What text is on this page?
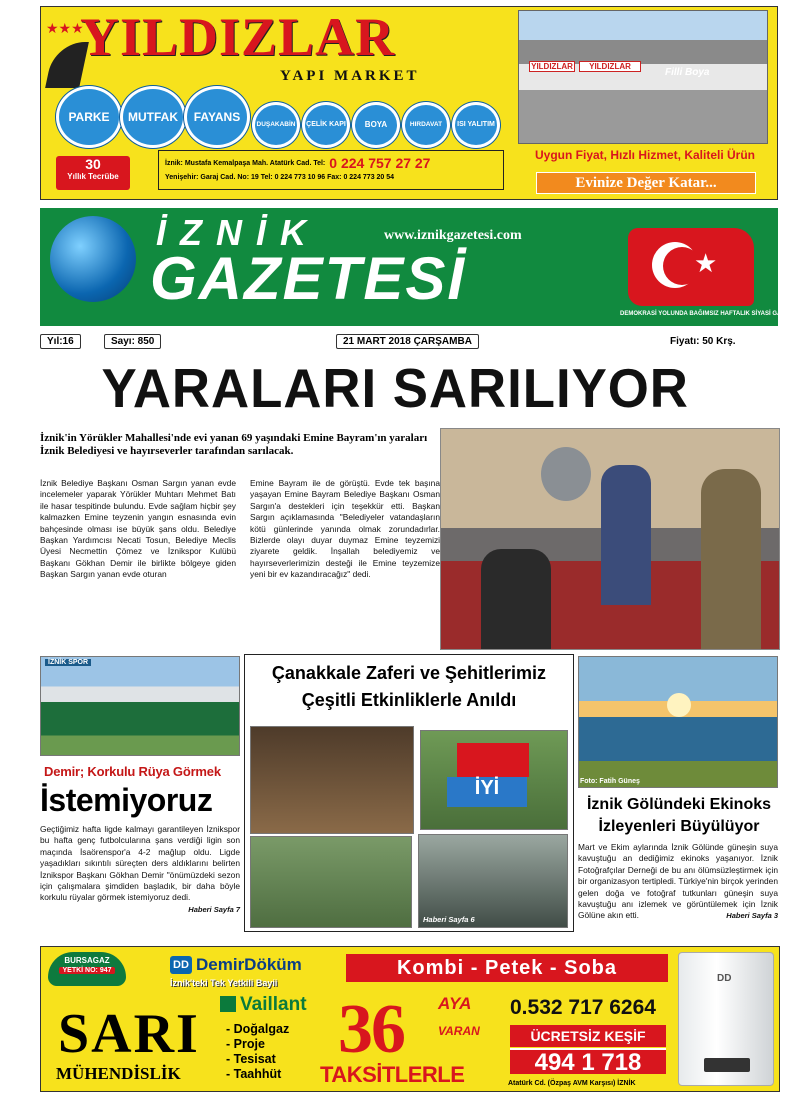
★★★
YILDIZLAR
YAPI MARKET
PARKE	MUTFAK	FAYANS
DUŞAKABİN	ÇELİK KAPI	BOYA	HIRDAVAT	ISI YALITIM
30
Yıllık Tecrübe
İznik: Mustafa Kemalpaşa Mah. Atatürk Cad. Tel: 0 224 757 27 27
Yenişehir: Garaj Cad. No: 19 Tel: 0 224 773 10 96 Fax: 0 224 773 20 54
YILDIZLAR	YILDIZLAR
Filli Boya
Uygun Fiyat, Hızlı Hizmet, Kaliteli Ürün
Evinize Değer Katar...
İZNİK
GAZETESİ
www.iznikgazetesi.com
★
DEMOKRASİ YOLUNDA BAĞIMSIZ HAFTALIK SİYASİ GAZETE
Yıl:16	Sayı: 850	21 MART 2018 ÇARŞAMBA	Fiyatı: 50 Krş.
YARALARI SARILIYOR
İznik'in Yörükler Mahallesi'nde evi yanan 69 yaşındaki Emine Bayram'ın yaraları İznik Belediyesi ve hayırseverler tarafından sarılacak.
İznik Belediye Başkanı Osman Sargın yanan evde incelemeler yaparak Yörükler Muhtarı Mehmet Batı ile hasar tespitinde bulundu. Evde sağlam hiçbir şey kalmazken Emine teyzenin yangın esnasında evin bahçesinde olması ise büyük şans oldu. Belediye Başkan Yardımcısı Necati Tosun, Belediye Meclis Üyesi Necmettin Çömez ve İznikspor Kulübü Başkanı Gökhan Demir ile birlikte bölgeye giden Başkan Sargın yanan evde oturan
Emine Bayram ile de görüştü. Evde tek başına yaşayan Emine Bayram Belediye Başkanı Osman Sargın'a destekleri için teşekkür etti. Başkan Sargın açıklamasında "Belediyeler vatandaşların kötü günlerinde yanında olmak zorundadırlar. Bizlerde olayı duyar duymaz Emine teyzemizi ziyarete geldik. İnşallah belediyemiz ve hayırseverlerimizin desteği ile Emine teyzemize yeni bir ev kazandıracağız" dedi.
İZNİK SPOR
Demir; Korkulu Rüya Görmek
İstemiyoruz
Geçtiğimiz hafta ligde kalmayı garantileyen İznikspor bu hafta genç futbolcularına şans verdiği ligin son maçında İsaörenspor'a 4-2 mağlup oldu. Ligde yaşadıkları sıkıntılı süreçten ders aldıklarını belirten İznikspor Başkanı Gökhan Demir "önümüzdeki sezon için çalışmalara şimdiden başladık, bir daha böyle korkulu rüyalar görmek istemiyoruz dedi.
Haberi Sayfa 7
Çanakkale Zaferi ve Şehitlerimiz
Çeşitli Etkinliklerle Anıldı
İYİ
Haberi Sayfa 6
Foto: Fatih Güneş
İznik Gölündeki Ekinoks
İzleyenleri Büyülüyor
Mart ve Ekim aylarında İznik Gölünde güneşin suya kavuştuğu an dediğimiz ekinoks yaşanıyor. İznik Fotoğrafçılar Derneği de bu anı ölümsüzleştirmek için bir organizasyon tertipledi. Türkiye'nin birçok yerinden gelen doğa ve fotoğraf tutkunları güneşin suya kavuştuğu anı izlemek ve görüntülemek için İznik Gölüne akın etti.	Haberi Sayfa 3
BURSAGAZ
YETKİ NO: 947
SARI
MÜHENDİSLİK
DD DemirDöküm
İznik'teki Tek Yetkili Bayii
Vaillant
- Doğalgaz
- Proje
- Tesisat
- Taahhüt
Kombi - Petek - Soba
36 AYA
VARAN
TAKSİTLERLE
0.532 717 6264
ÜCRETSİZ KEŞİF
494 1 718
Atatürk Cd. (Özpaş AVM Karşısı) İZNİK
DD
